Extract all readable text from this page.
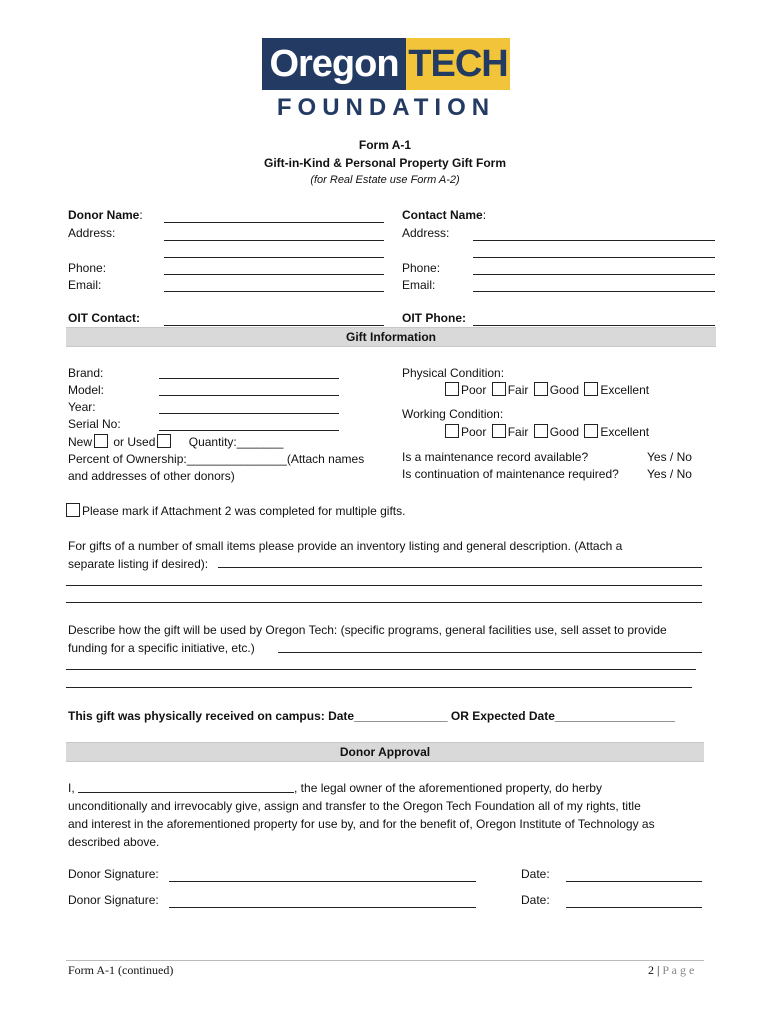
Oregon TECH
FOUNDATION
Form A-1
Gift-in-Kind & Personal Property Gift Form
(for Real Estate use Form A-2)
Donor Name:
Address:
Phone:
Email:
Contact Name:
Address:
Phone:
Email:
OIT Contact:	OIT Phone:
Gift Information
Brand:
Model:
Year:
Serial No:
New or Used	Quantity:_______
Percent of Ownership:_______________(Attach names
and addresses of other donors)
Physical Condition:
Poor Fair Good Excellent
Working Condition:
Poor Fair Good Excellent
Is a maintenance record available?	Yes / No
Is continuation of maintenance required? Yes / No
Please mark if Attachment 2 was completed for multiple gifts.
For gifts of a number of small items please provide an inventory listing and general description. (Attach a
separate listing if desired):
Describe how the gift will be used by Oregon Tech: (specific programs, general facilities use, sell asset to provide
funding for a specific initiative, etc.)
This gift was physically received on campus: Date______________ OR Expected Date__________________
Donor Approval
I,	, the legal owner of the aforementioned property, do herby
unconditionally and irrevocably give, assign and transfer to the Oregon Tech Foundation all of my rights, title
and interest in the aforementioned property for use by, and for the benefit of, Oregon Institute of Technology as
described above.
Donor Signature:	Date:
Donor Signature:	Date:
Form A-1 (continued)	2 | P a g e
